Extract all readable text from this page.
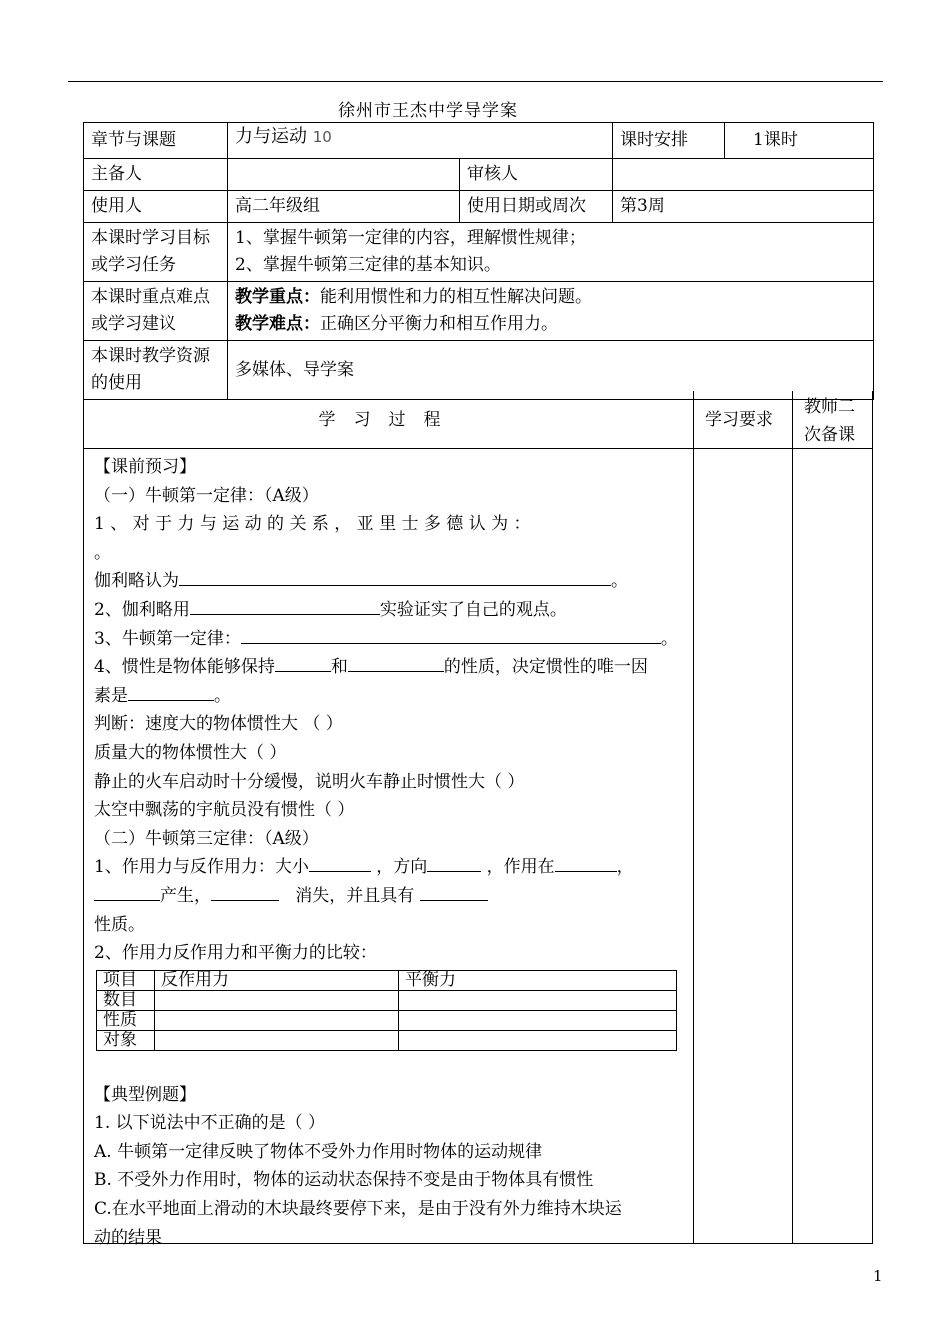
徐州市王杰中学导学案
章节与课题	力与运动 10		课时安排	1课时
主备人		审核人		
使用人	高二年级组	使用日期或周次	第3周	
本课时学习目标或学习任务	1、掌握牛顿第一定律的内容，理解惯性规律；
2、掌握牛顿第三定律的基本知识。			

本课时重点难点或学习建议	教学重点：能利用惯性和力的相互性解决问题。
教学难点：正确区分平衡力和相互作用力。			

本课时教学资源的使用	多媒体、导学案			
学习过程	学习要求
教师二
次备课

【课前预习】

（一）牛顿第一定律：（A级）

1 、 对 于 力 与 运 动 的 关 系 ， 亚 里 士 多 德 认 为 ：

。

伽利略认为	。

2、伽利略用	实验证实了自己的观点。

3、牛顿第一定律：	。

4、惯性是物体能够保持	和	的性质，决定惯性的唯一因

素是	。

判断：速度大的物体惯性大 （ ）

质量大的物体惯性大（ ）

静止的火车启动时十分缓慢，说明火车静止时惯性大（ ）

太空中飘荡的宇航员没有惯性（ ）

（二）牛顿第三定律：（A级）

1、作用力与反作用力：大小	，方向	，作用在	，

产生，	消失，并且具有

性质。

2、作用力反作用力和平衡力的比较：

项目	反作用力	平衡力
数目		
性质		
对象		

【典型例题】

1. 以下说法中不正确的是（ ）

A. 牛顿第一定律反映了物体不受外力作用时物体的运动规律

B. 不受外力作用时，物体的运动状态保持不变是由于物体具有惯性

C.在水平地面上滑动的木块最终要停下来，是由于没有外力维持木块运

动的结果

1
